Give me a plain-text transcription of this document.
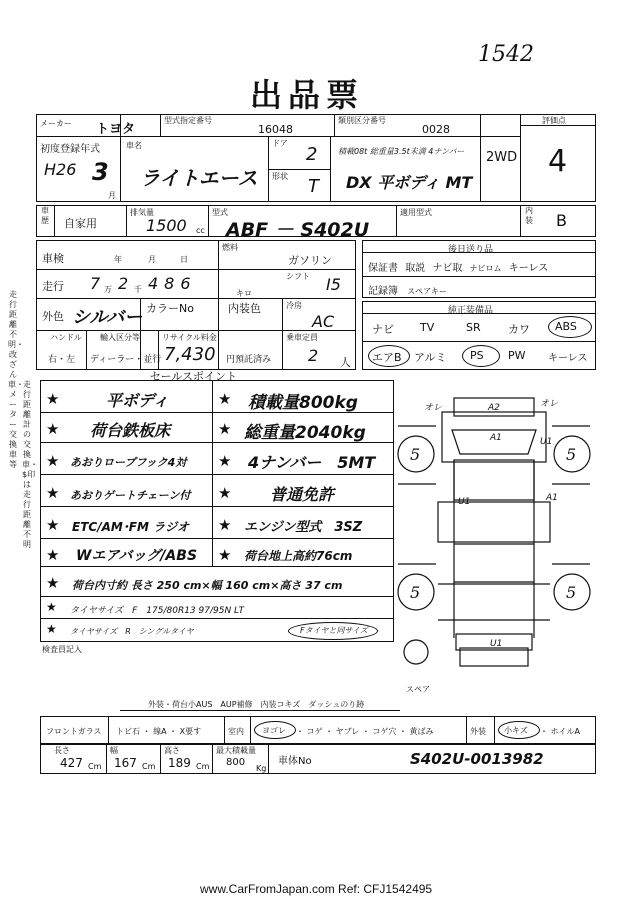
1542
出品票
メーカー トヨタ
型式指定番号
16048
類別区分番号
0028
評価点
初度登録年式
H26 3
月
車名
ライトエース
ドア
2
形状 T
積載08t 総重量3.5t未満 4ナンバー
DX 平ボディ MT
2WD 4
車歴 自家用
排気量
1500 cc
型式
ABF － S402U
適用型式	内装 B
車検	年	月	日
燃料
ガソリン
走行 7 万 2 千 486
キロ
シフト I5
外色 シルバー カラーNo	内装色	冷房
AC
ハンドル
右・左
輸入区分等
ディーラー・並行
リサイクル料金
7,430 円預託済み
乗車定員
2 人
後日送り品
保証書 取説 ナビ取 ナビロム キーレス
記録簿 スペアキー
純正装備品
ナビ TV	SR カワ ABS
エアB アルミ PS PW キーレス
セールスポイント
★	平ボディ	★ 積載量800kg
★ 荷台鉄板床	★ 総重量2040kg
★ あおりロープフック4対 ★ 4ナンバー　5MT
★ あおりゲートチェーン付 ★ 普通免許
★ ETC/AM･FM ラジオ ★ エンジン型式　3SZ
★ Wエアバッグ/ABS ★ 荷台地上高約76cm
★ 荷台内寸約 長さ 250 cm×幅 160 cm×高さ 37 cm
★ タイヤサイズ　F　175/80R13 97/95N LT
★ タイヤサイズ　R　シングルタイヤ	Fタイヤと同サイズ
検査員記入
A2
A1	U1
U1	A1
U1
オレ	オレ
5	5
5	5
スペア
外装・荷台小AUS　AUP補修　内装コキズ　ダッシュのり跡
フロントガラス トビ石 ・ 線A ・ X要す	室内 ヨゴレ ・ コゲ ・ ヤブレ ・ コゲ穴 ・ 黄ばみ	外装 小キズ ・ ホイルA
長さ
427 Cm
幅
167 Cm
高さ
189 Cm
最大積載量
800
Kg
車体No	S402U-0013982
走行距離不明・改ざん車・メーター交換車等
走行距離計の交換車・$印は走行距離不明
www.CarFromJapan.com Ref: CFJ1542495
